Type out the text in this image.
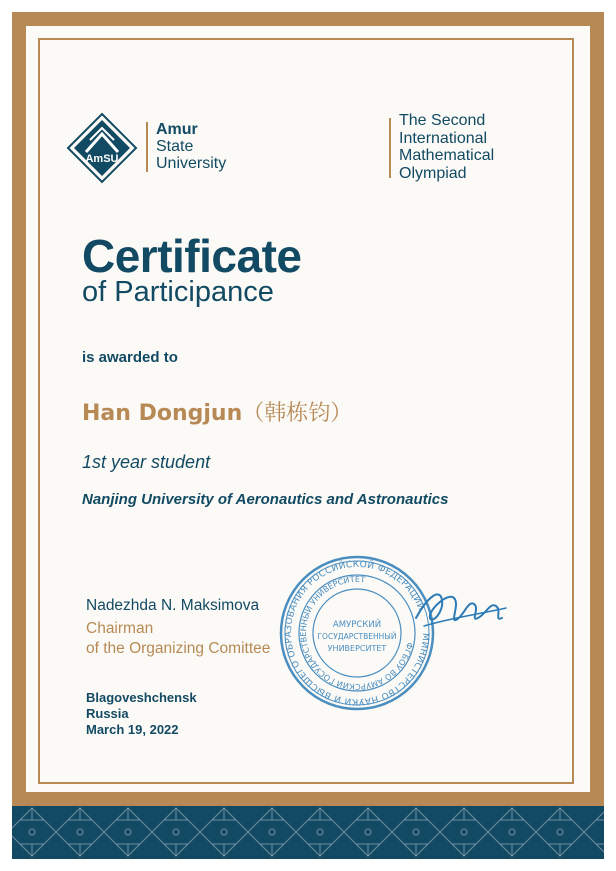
AmSU
Amur
State
University
The Second
International
Mathematical
Olympiad
Certificate
of Participance
is awarded to
Han Dongjun（韩栋钧）
1st year student
Nanjing University of Aeronautics and Astronautics
МИНИСТЕРСТВО НАУКИ И ВЫСШЕГО ОБРАЗОВАНИЯ РОССИЙСКОЙ ФЕДЕРАЦИИ
ФГБОУ ВО АМУРСКИЙ ГОСУДАРСТВЕННЫЙ УНИВЕРСИТЕТ
АМУРСКИЙ
ГОСУДАРСТВЕННЫЙ
УНИВЕРСИТЕТ
Nadezhda N. Maksimova
Chairman
of the Organizing Comittee
Blagoveshchensk
Russia
March 19, 2022
